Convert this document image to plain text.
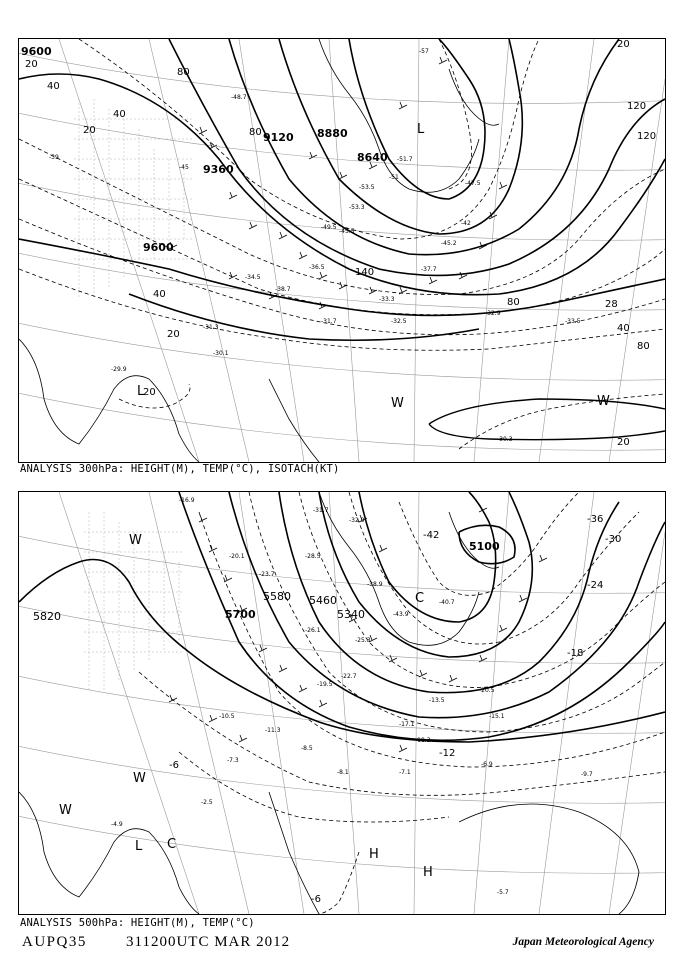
9600
9360
9120 8880
8640
9600
20
40
80
20
40
80
120
140
120
80
40
20
40
20
80
20
20
28
L
L
W	W
-39
-45
-51
-57
-53.5
-45.5
-34.5
-38.7
-31.7	-32.5
-32.9
-33.5
-30.1
-29.9
-30.3
-49.5
-45.2
-37.7
-36.5
-33.3
-31.3
-48.7
-51.7
-53.3
-47.5
-42
ANALYSIS 300hPa: HEIGHT(M), TEMP(°C), ISOTACH(KT)
5820	5700
5580 5460
5340
5100
-42
-36
-30
-24
-18
-12
-6
-6
W
W
L
W
C
C
H
H
-16.9
-20.1
-23.7
-28.5
-31.7
-32.9
-38.9
-40.7
-43.9
-17.1
-13.5
-18.3
-15.1
-7.1
-6.9
-9.7
-8.5
-5.7
-4.9
-2.5
-8.1
-7.3
-11.3
-20.5
-22.7
-25.3
-26.1
-19.5
-10.5
ANALYSIS 500hPa: HEIGHT(M), TEMP(°C)
AUPQ35	311200UTC MAR 2012	Japan Meteorological Agency
